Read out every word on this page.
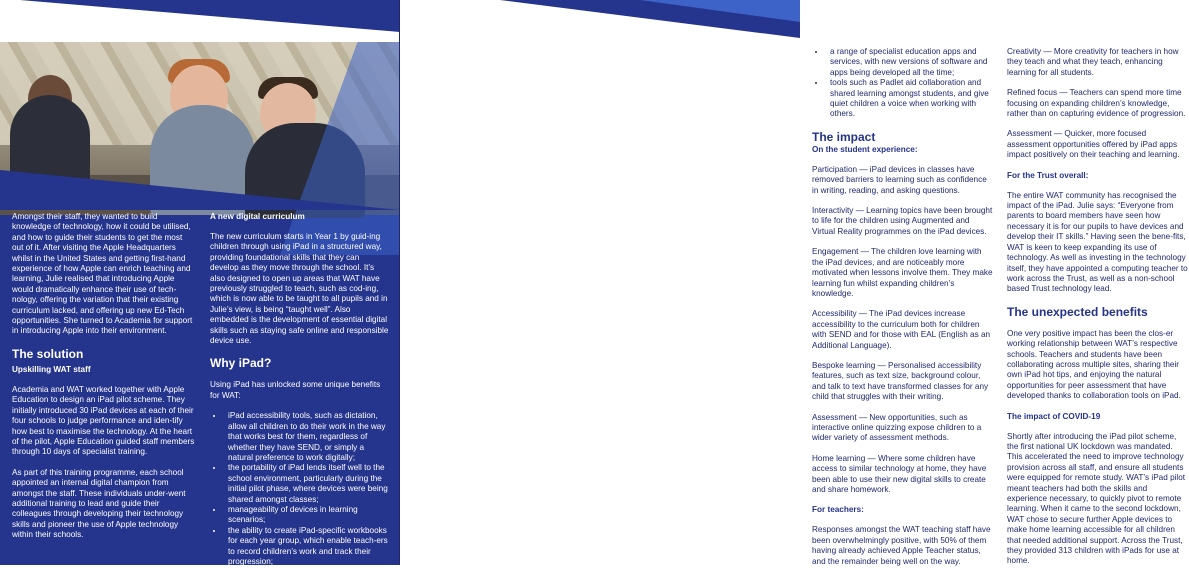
Amongst their staff, they wanted to build knowledge of technology, how it could be utilised, and how to guide their students to get the most out of it. After visiting the Apple Headquarters whilst in the United States and getting first-hand experience of how Apple can enrich teaching and learning, Julie realised that introducing Apple would dramatically enhance their use of tech-nology, offering the variation that their existing curriculum lacked, and offering up new Ed-Tech opportunities. She turned to Academia for support in introducing Apple into their environment.

The solution
Upskilling WAT staff

Academia and WAT worked together with Apple Education to design an iPad pilot scheme. They initially introduced 30 iPad devices at each of their four schools to judge performance and iden-tify how best to maximise the technology. At the heart of the pilot, Apple Education guided staff members through 10 days of specialist training.

As part of this training programme, each school appointed an internal digital champion from amongst the staff. These individuals under-went additional training to lead and guide their colleagues through developing their technology skills and pioneer the use of Apple technology within their schools.

A new digital curriculum

The new curriculum starts in Year 1 by guid-ing children through using iPad in a structured way, providing foundational skills that they can develop as they move through the school. It’s also designed to open up areas that WAT have previously struggled to teach, such as cod-ing, which is now able to be taught to all pupils and in Julie’s view, is being “taught well”. Also embedded is the development of essential digital skills such as staying safe online and responsible device use.

Why iPad?

Using iPad has unlocked some unique benefits for WAT:

• iPad accessibility tools, such as dictation, allow all children to do their work in the way that works best for them, regardless of whether they have SEND, or simply a natural preference to work digitally;
• the portability of iPad lends itself well to the school environment, particularly during the initial pilot phase, where devices were being shared amongst classes;
• manageability of devices in learning scenarios;
• the ability to create iPad-specific workbooks for each year group, which enable teach-ers to record children’s work and track their progression;
• a range of specialist education apps and services, with new versions of software and apps being developed all the time;
• tools such as Padlet aid collaboration and shared learning amongst students, and give quiet children a voice when working with others.
The impact
On the student experience:

Participation — iPad devices in classes have removed barriers to learning such as confidence in writing, reading, and asking questions.

Interactivity — Learning topics have been brought to life for the children using Augmented and Virtual Reality programmes on the iPad devices.

Engagement — The children love learning with the iPad devices, and are noticeably more motivated when lessons involve them. They make learning fun whilst expanding children’s knowledge.

Accessibility — The iPad devices increase accessibility to the curriculum both for children with SEND and for those with EAL (English as an Additional Language).

Bespoke learning — Personalised accessibility features, such as text size, background colour, and talk to text have transformed classes for any child that struggles with their writing.

Assessment — New opportunities, such as interactive online quizzing expose children to a wider variety of assessment methods.

Home learning — Where some children have access to similar technology at home, they have been able to use their new digital skills to create and share homework.

For teachers:

Responses amongst the WAT teaching staff have been overwhelmingly positive, with 50% of them having already achieved Apple Teacher status, and the remainder being well on the way.

Creativity — More creativity for teachers in how they teach and what they teach, enhancing learning for all students.

Refined focus — Teachers can spend more time focusing on expanding children’s knowledge, rather than on capturing evidence of progression.

Assessment — Quicker, more focused assessment opportunities offered by iPad apps impact positively on their teaching and learning.

For the Trust overall:

The entire WAT community has recognised the impact of the iPad. Julie says: “Everyone from parents to board members have seen how necessary it is for our pupils to have devices and develop their IT skills.” Having seen the bene-fits, WAT is keen to keep expanding its use of technology. As well as investing in the technology itself, they have appointed a computing teacher to work across the Trust, as well as a non-school based Trust technology lead.

The unexpected benefits

One very positive impact has been the clos-er working relationship between WAT’s respective schools. Teachers and students have been collaborating across multiple sites, sharing their own iPad hot tips, and enjoying the natural opportunities for peer assessment that have developed thanks to collaboration tools on iPad.

The impact of COVID-19

Shortly after introducing the iPad pilot scheme, the first national UK lockdown was mandated. This accelerated the need to improve technology provision across all staff, and ensure all students were equipped for remote study. WAT’s iPad pilot meant teachers had both the skills and experience necessary, to quickly pivot to remote learning. When it came to the second lockdown, WAT chose to secure further Apple devices to make home learning accessible for all children that needed additional support. Across the Trust, they provided 313 children with iPads for use at home.
